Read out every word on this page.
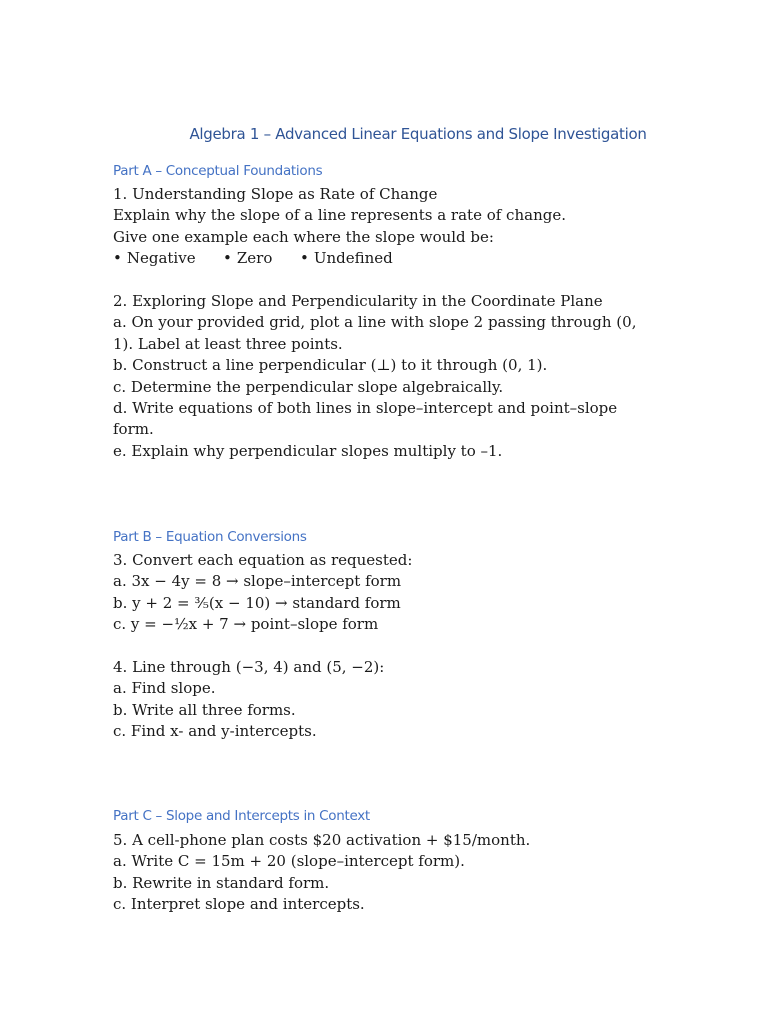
Algebra 1 – Advanced Linear Equations and Slope Investigation
Part A – Conceptual Foundations
1. Understanding Slope as Rate of Change
Explain why the slope of a line represents a rate of change.
Give one example each where the slope would be:
• Negative • Zero • Undefined
2. Exploring Slope and Perpendicularity in the Coordinate Plane
a. On your provided grid, plot a line with slope 2 passing through (0, 1). Label at least three points.
b. Construct a line perpendicular (⊥) to it through (0, 1).
c. Determine the perpendicular slope algebraically.
d. Write equations of both lines in slope–intercept and point–slope form.
e. Explain why perpendicular slopes multiply to –1.
Part B – Equation Conversions
3. Convert each equation as requested:
a. 3x − 4y = 8 → slope–intercept form
b. y + 2 = ⅗(x − 10) → standard form
c. y = −½x + 7 → point–slope form
4. Line through (−3, 4) and (5, −2):
a. Find slope.
b. Write all three forms.
c. Find x- and y-intercepts.
Part C – Slope and Intercepts in Context
5. A cell-phone plan costs $20 activation + $15/month.
a. Write C = 15m + 20 (slope–intercept form).
b. Rewrite in standard form.
c. Interpret slope and intercepts.
